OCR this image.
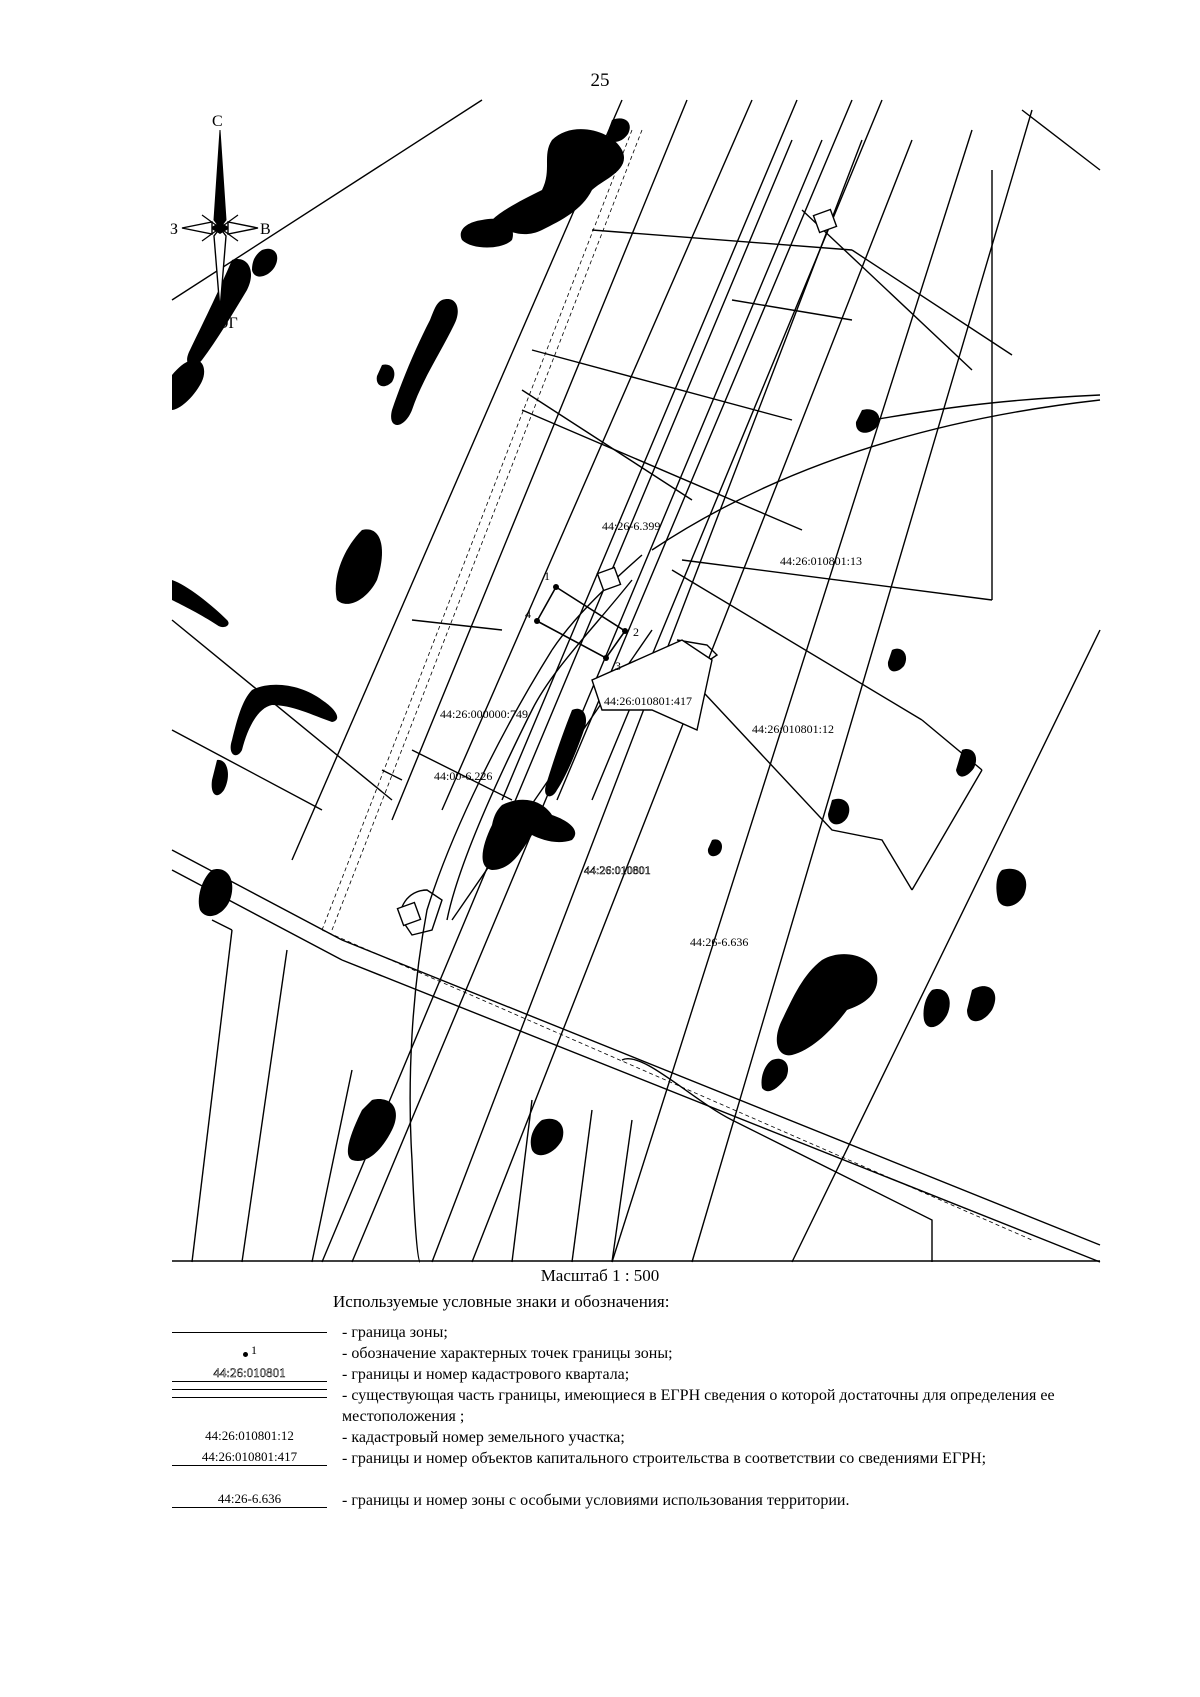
25
1
2
3
4
44:26-6.399
44:26:010801:13
44:26:010801:417
44:26:010801:12
44:26:000000:749
44:00-6.226
44:26:010801
44:26-6.636
С
ЮГ
З	В
Масштаб 1 : 500
Используемые условные знаки и обозначения:
- граница зоны;
1	- обозначение характерных точек границы зоны;
44:26:010801	- границы и номер кадастрового квартала;
- существующая часть границы, имеющиеся в ЕГРН сведения о которой достаточны для определения ее местоположения ;
44:26:010801:12	- кадастровый номер земельного участка;
44:26:010801:417	- границы и номер объектов капитального строительства в соответствии со сведениями ЕГРН;
44:26-6.636	- границы и номер зоны с особыми условиями использования территории.
